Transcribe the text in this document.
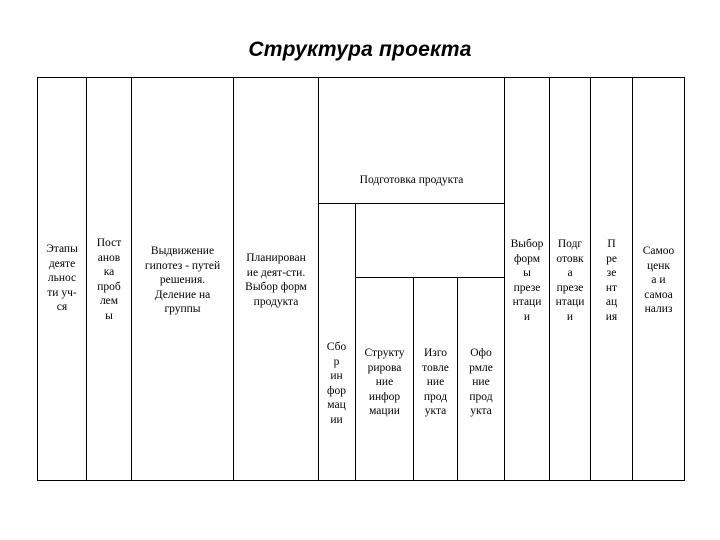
Структура проекта
Этапы
деяте
льнос
ти уч-
ся
Пост
анов
ка
проб
лем
ы
Выдвижение
гипотез - путей
решения.
Деление на
группы
Планирован
ие деят-сти.
Выбор форм
продукта
Подготовка продукта
Сбо
р
ин
фор
мац
ии
Структу
рирова
ние
инфор
мации
Изго
товле
ние
прод
укта
Офо
рмле
ние
прод
укта
Выбор
форм
ы
презе
нтаци
и
Подг
отовк
а
презе
нтаци
и
П
ре
зе
нт
ац
ия
Самоо
ценк
а и
самоа
нализ
